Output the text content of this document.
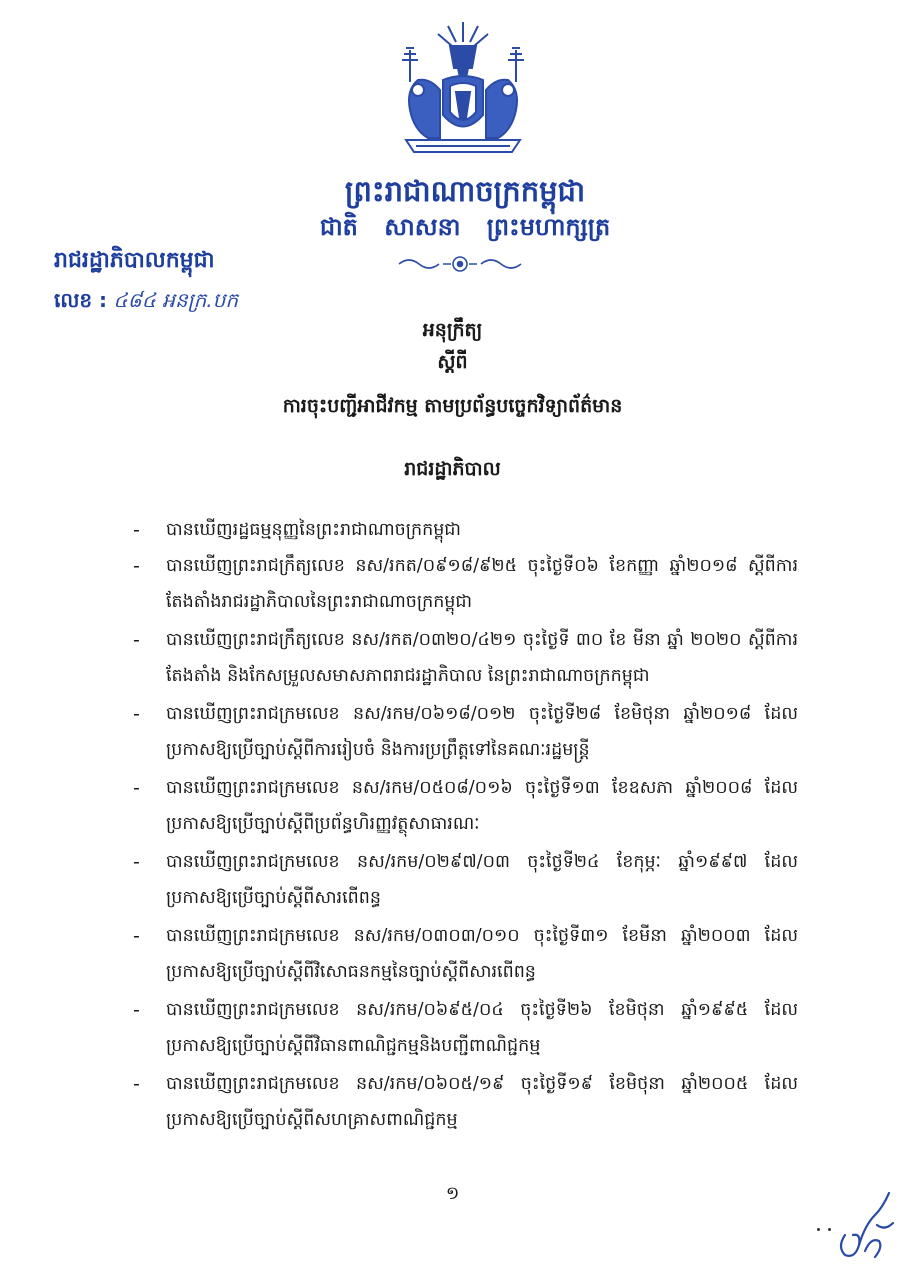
ព្រះរាជាណាចក្រកម្ពុជា
ជាតិ សាសនា ព្រះមហាក្សត្រ
រាជរដ្ឋាភិបាលកម្ពុជា
លេខ : ៤៨៤ អនក្រ.បក
អនុក្រឹត្យ
ស្តីពី
ការចុះបញ្ជីអាជីវកម្ម តាមប្រព័ន្ធបច្ចេកវិទ្យាព័ត៌មាន
រាជរដ្ឋាភិបាល
- បានឃើញរដ្ឋធម្មនុញ្ញនៃព្រះរាជាណាចក្រកម្ពុជា
- បានឃើញព្រះរាជក្រឹត្យលេខ នស/រកត/០៩១៨/៩២៥ ចុះថ្ងៃទី០៦ ខែកញ្ញា ឆ្នាំ២០១៨ ស្តីពីការតែងតាំងរាជរដ្ឋាភិបាលនៃព្រះរាជាណាចក្រកម្ពុជា
- បានឃើញព្រះរាជក្រឹត្យលេខ នស/រកត/០៣២០/៤២១ ចុះថ្ងៃទី ៣០ ខែ មីនា ឆ្នាំ ២០២០ ស្តីពីការតែងតាំង និងកែសម្រួលសមាសភាពរាជរដ្ឋាភិបាល នៃព្រះរាជាណាចក្រកម្ពុជា
- បានឃើញព្រះរាជក្រមលេខ នស/រកម/០៦១៨/០១២ ចុះថ្ងៃទី២៨ ខែមិថុនា ឆ្នាំ២០១៨ ដែលប្រកាសឱ្យប្រើច្បាប់ស្តីពីការរៀបចំ និងការប្រព្រឹត្តទៅនៃគណៈរដ្ឋមន្ត្រី
- បានឃើញព្រះរាជក្រមលេខ នស/រកម/០៥០៨/០១៦ ចុះថ្ងៃទី១៣ ខែឧសភា ឆ្នាំ២០០៨ ដែលប្រកាសឱ្យប្រើច្បាប់ស្តីពីប្រព័ន្ធហិរញ្ញវត្ថុសាធារណៈ
- បានឃើញព្រះរាជក្រមលេខ នស/រកម/០២៩៧/០៣ ចុះថ្ងៃទី២៤ ខែកុម្ភៈ ឆ្នាំ១៩៩៧ ដែលប្រកាសឱ្យប្រើច្បាប់ស្តីពីសារពើពន្ធ
- បានឃើញព្រះរាជក្រមលេខ នស/រកម/០៣០៣/០១០ ចុះថ្ងៃទី៣១ ខែមីនា ឆ្នាំ២០០៣ ដែលប្រកាសឱ្យប្រើច្បាប់ស្តីពីវិសោធនកម្មនៃច្បាប់ស្តីពីសារពើពន្ធ
- បានឃើញព្រះរាជក្រមលេខ នស/រកម/០៦៩៥/០៤ ចុះថ្ងៃទី២៦ ខែមិថុនា ឆ្នាំ១៩៩៥ ដែលប្រកាសឱ្យប្រើច្បាប់ស្តីពីវិធានពាណិជ្ជកម្មនិងបញ្ជីពាណិជ្ជកម្ម
- បានឃើញព្រះរាជក្រមលេខ នស/រកម/០៦០៥/១៩ ចុះថ្ងៃទី១៩ ខែមិថុនា ឆ្នាំ២០០៥ ដែលប្រកាសឱ្យប្រើច្បាប់ស្តីពីសហគ្រាសពាណិជ្ជកម្ម
១
